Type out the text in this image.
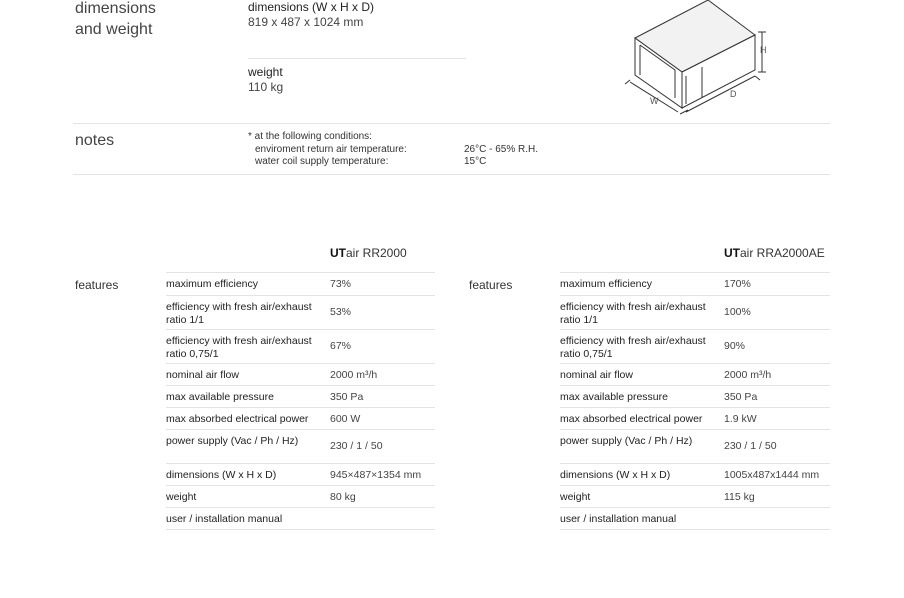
dimensions
and weight
dimensions (W x H x D)
819 x 487 x 1024 mm
weight
110 kg
H
W
D
notes	* at the following conditions:
enviroment return air temperature:	26°C - 65% R.H.
water coil supply temperature:	15°C
UTair RR2000
features	maximum efficiency	73%
efficiency with fresh air/exhaust ratio 1/1
53%
efficiency with fresh air/exhaust ratio 0,75/1
67%
nominal air flow	2000 m³/h
max available pressure	350 Pa
max absorbed electrical power	600 W
power supply (Vac / Ph / Hz)	230 / 1 / 50
dimensions (W x H x D)	945×487×1354 mm
weight	80 kg
user / installation manual
UTair RRA2000AE
features	maximum efficiency	170%
efficiency with fresh air/exhaust ratio 1/1
100%
efficiency with fresh air/exhaust ratio 0,75/1
90%
nominal air flow	2000 m³/h
max available pressure	350 Pa
max absorbed electrical power	1.9 kW
power supply (Vac / Ph / Hz)	230 / 1 / 50
dimensions (W x H x D)	1005x487x1444 mm
weight	115 kg
user / installation manual
